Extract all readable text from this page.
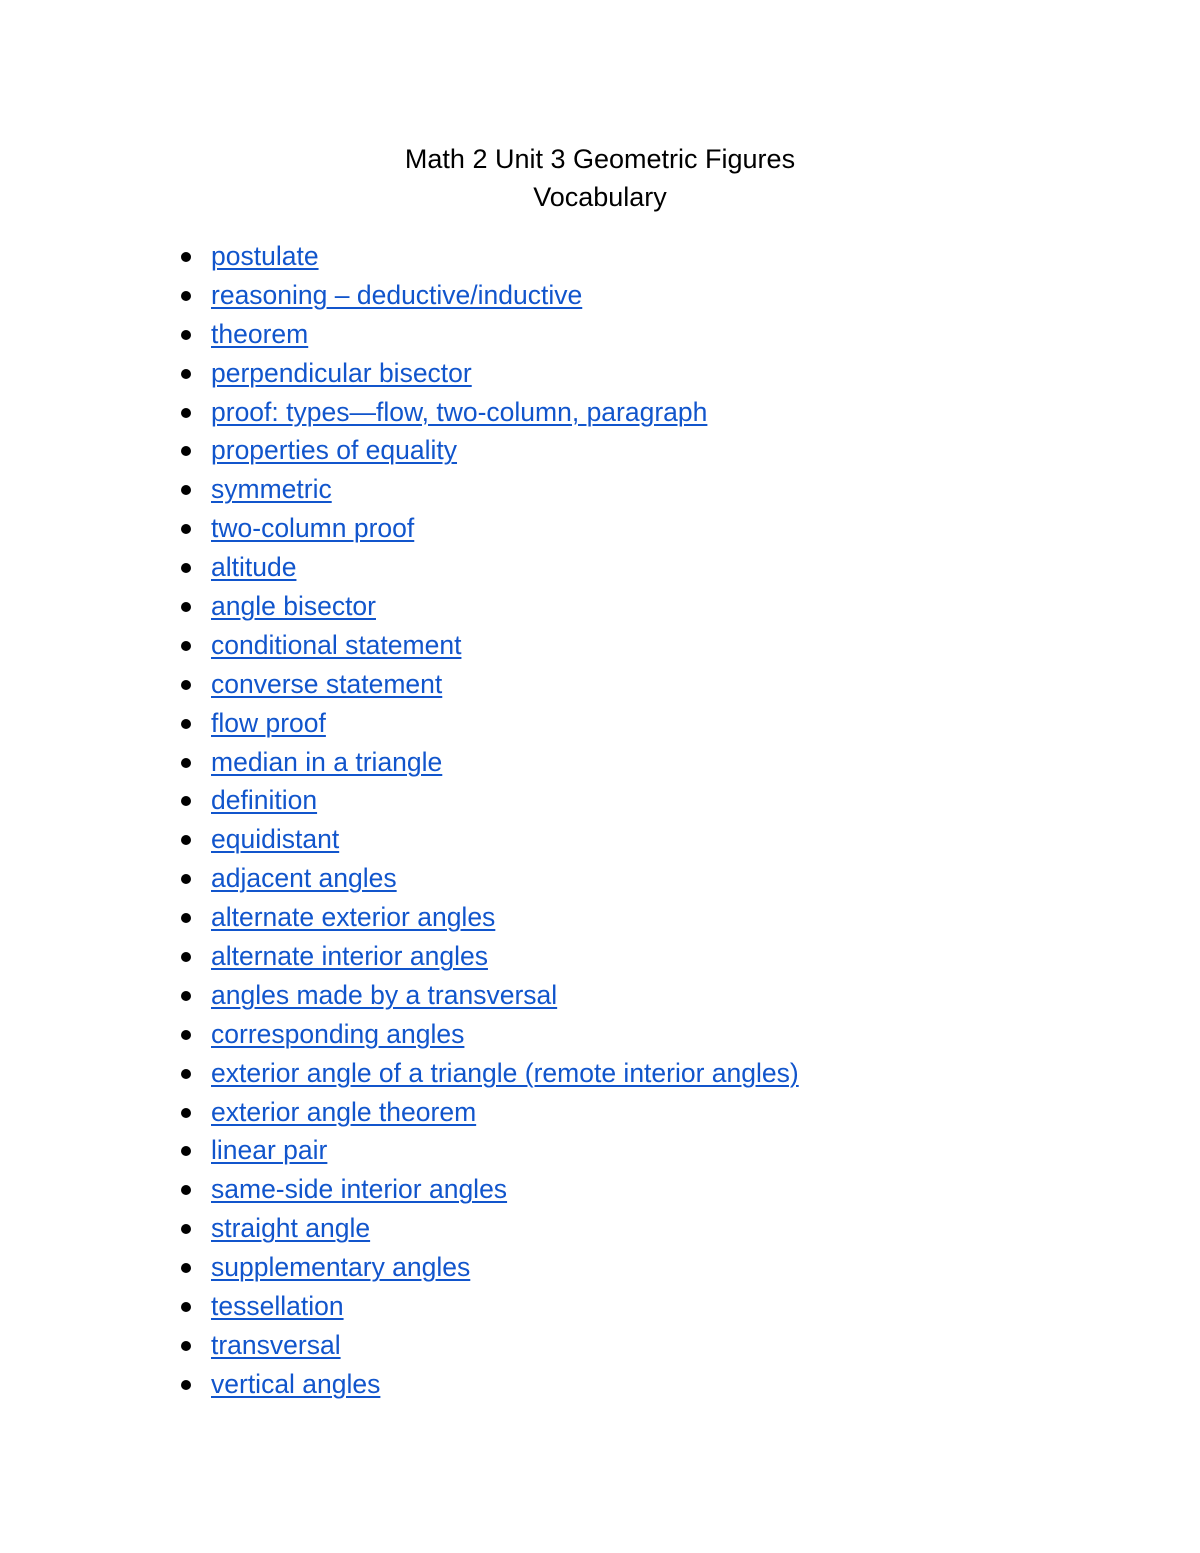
Math 2 Unit 3 Geometric Figures
Vocabulary
postulate
reasoning – deductive/inductive
theorem
perpendicular bisector
proof: types—flow, two-column, paragraph
properties of equality
symmetric
two-column proof
altitude
angle bisector
conditional statement
converse statement
flow proof
median in a triangle
definition
equidistant
adjacent angles
alternate exterior angles
alternate interior angles
angles made by a transversal
corresponding angles
exterior angle of a triangle (remote interior angles)
exterior angle theorem
linear pair
same-side interior angles
straight angle
supplementary angles
tessellation
transversal
vertical angles
